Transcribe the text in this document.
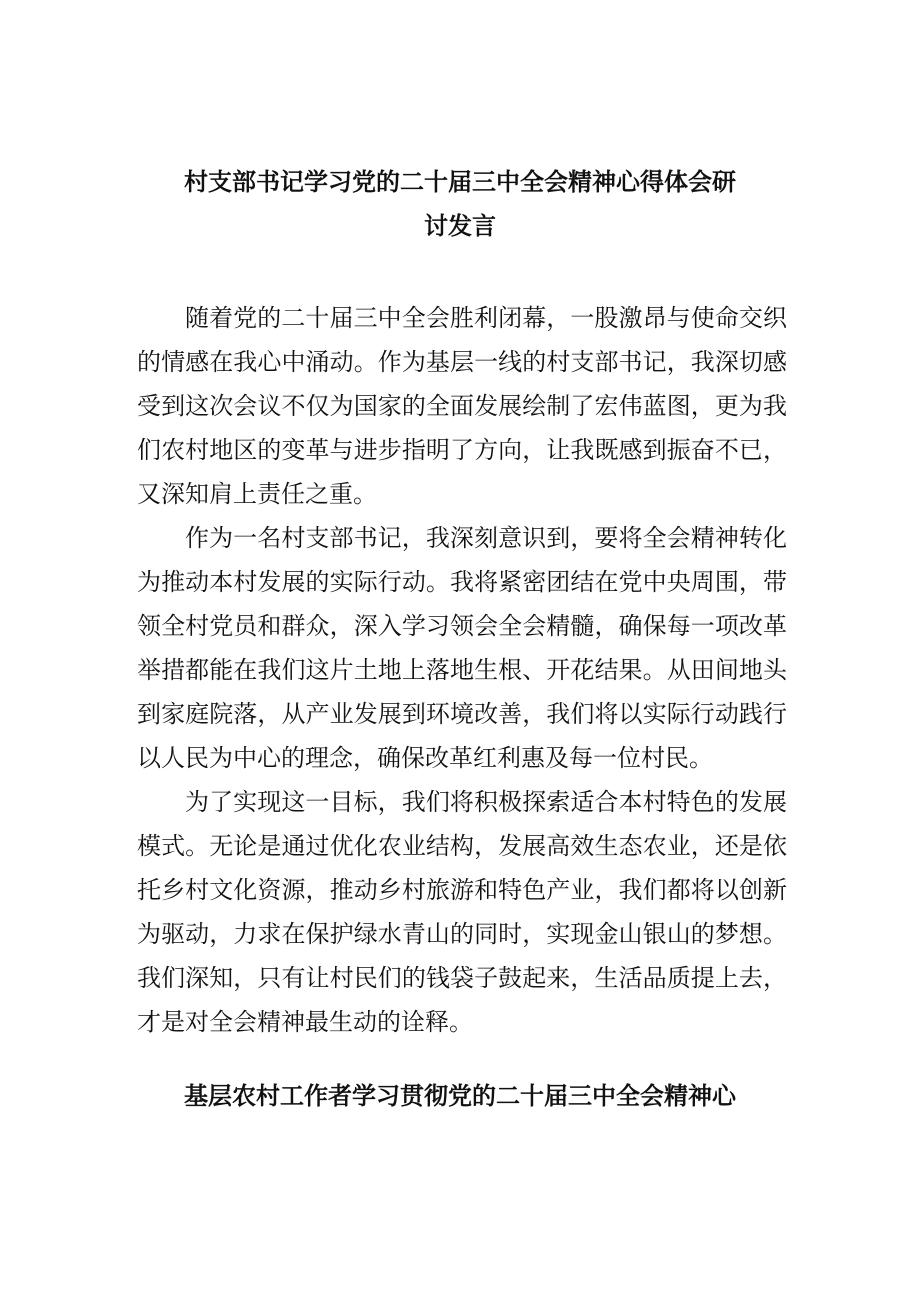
村支部书记学习党的二十届三中全会精神心得体会研
讨发言

随着党的二十届三中全会胜利闭幕，一股激昂与使命交织的情感在我心中涌动。作为基层一线的村支部书记，我深切感受到这次会议不仅为国家的全面发展绘制了宏伟蓝图，更为我们农村地区的变革与进步指明了方向，让我既感到振奋不已，又深知肩上责任之重。

作为一名村支部书记，我深刻意识到，要将全会精神转化为推动本村发展的实际行动。我将紧密团结在党中央周围，带领全村党员和群众，深入学习领会全会精髓，确保每一项改革举措都能在我们这片土地上落地生根、开花结果。从田间地头到家庭院落，从产业发展到环境改善，我们将以实际行动践行以人民为中心的理念，确保改革红利惠及每一位村民。

为了实现这一目标，我们将积极探索适合本村特色的发展模式。无论是通过优化农业结构，发展高效生态农业，还是依托乡村文化资源，推动乡村旅游和特色产业，我们都将以创新为驱动，力求在保护绿水青山的同时，实现金山银山的梦想。我们深知，只有让村民们的钱袋子鼓起来，生活品质提上去，才是对全会精神最生动的诠释。

基层农村工作者学习贯彻党的二十届三中全会精神心
